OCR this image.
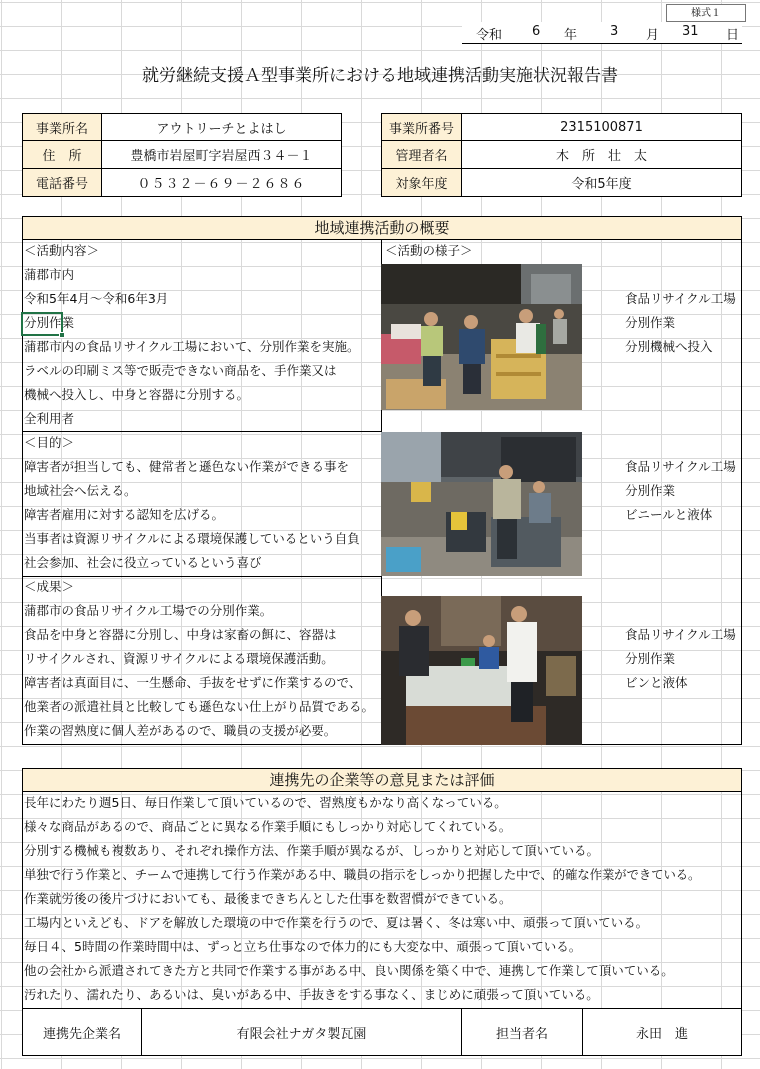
様式１
令和 6 年	3 月 31 日
就労継続支援Ａ型事業所における地域連携活動実施状況報告書
事業所名	アウトリーチとよはし
住　所	豊橋市岩屋町字岩屋西３４－１
電話番号	０５３２－６９－２６８６
事業所番号	2315100871
管理者名	木　所　壮　太
対象年度	令和5年度
地域連携活動の概要
＜活動内容＞
蒲郡市内
令和5年4月～令和6年3月
分別作業
蒲郡市内の食品リサイクル工場において、分別作業を実施。
ラベルの印刷ミス等で販売できない商品を、手作業又は
機械へ投入し、中身と容器に分別する。
全利用者
＜目的＞
障害者が担当しても、健常者と遜色ない作業ができる事を
地域社会へ伝える。
障害者雇用に対する認知を広げる。
当事者は資源リサイクルによる環境保護しているという自負
社会参加、社会に役立っているという喜び
＜成果＞
蒲郡市の食品リサイクル工場での分別作業。
食品を中身と容器に分別し、中身は家畜の餌に、容器は
リサイクルされ、資源リサイクルによる環境保護活動。
障害者は真面目に、一生懸命、手抜をせずに作業するので、
他業者の派遣社員と比較しても遜色ない仕上がり品質である。
作業の習熟度に個人差があるので、職員の支援が必要。
＜活動の様子＞
食品リサイクル工場
分別作業
分別機械へ投入
食品リサイクル工場
分別作業
ビニールと液体
食品リサイクル工場
分別作業
ビンと液体
連携先の企業等の意見または評価
長年にわたり週5日、毎日作業して頂いているので、習熟度もかなり高くなっている。
様々な商品があるので、商品ごとに異なる作業手順にもしっかり対応してくれている。
分別する機械も複数あり、それぞれ操作方法、作業手順が異なるが、しっかりと対応して頂いている。
単独で行う作業と、チームで連携して行う作業がある中、職員の指示をしっかり把握した中で、的確な作業ができている。
作業就労後の後片づけにおいても、最後まできちんとした仕事を数習慣ができている。
工場内といえども、ドアを解放した環境の中で作業を行うので、夏は暑く、冬は寒い中、頑張って頂いている。
毎日４、5時間の作業時間中は、ずっと立ち仕事なので体力的にも大変な中、頑張って頂いている。
他の会社から派遣されてきた方と共同で作業する事がある中、良い関係を築く中で、連携して作業して頂いている。
汚れたり、濡れたり、あるいは、臭いがある中、手抜きをする事なく、まじめに頑張って頂いている。
連携先企業名	有限会社ナガタ製瓦園	担当者名	永田　進
